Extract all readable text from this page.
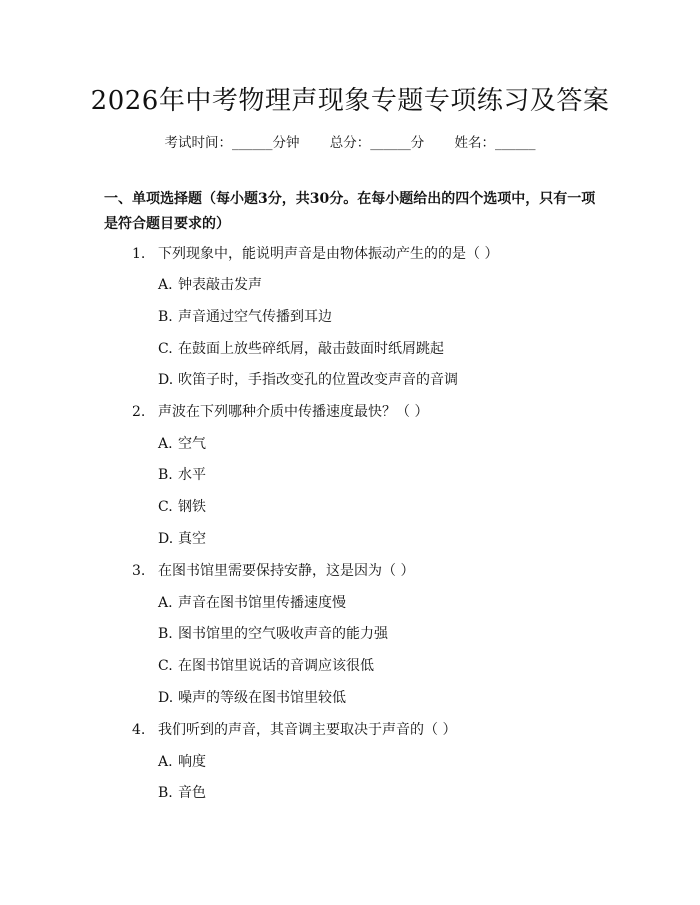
2026年中考物理声现象专题专项练习及答案
考试时间：______分钟 总分：______分 姓名：______
一、单项选择题（每小题3分，共30分。在每小题给出的四个选项中，只有一项是符合题目要求的）
1. 下列现象中，能说明声音是由物体振动产生的的是（ ）
A. 钟表敲击发声
B. 声音通过空气传播到耳边
C. 在鼓面上放些碎纸屑，敲击鼓面时纸屑跳起
D. 吹笛子时，手指改变孔的位置改变声音的音调
2. 声波在下列哪种介质中传播速度最快？（ ）
A. 空气
B. 水平
C. 钢铁
D. 真空
3. 在图书馆里需要保持安静，这是因为（ ）
A. 声音在图书馆里传播速度慢
B. 图书馆里的空气吸收声音的能力强
C. 在图书馆里说话的音调应该很低
D. 噪声的等级在图书馆里较低
4. 我们听到的声音，其音调主要取决于声音的（ ）
A. 响度
B. 音色
